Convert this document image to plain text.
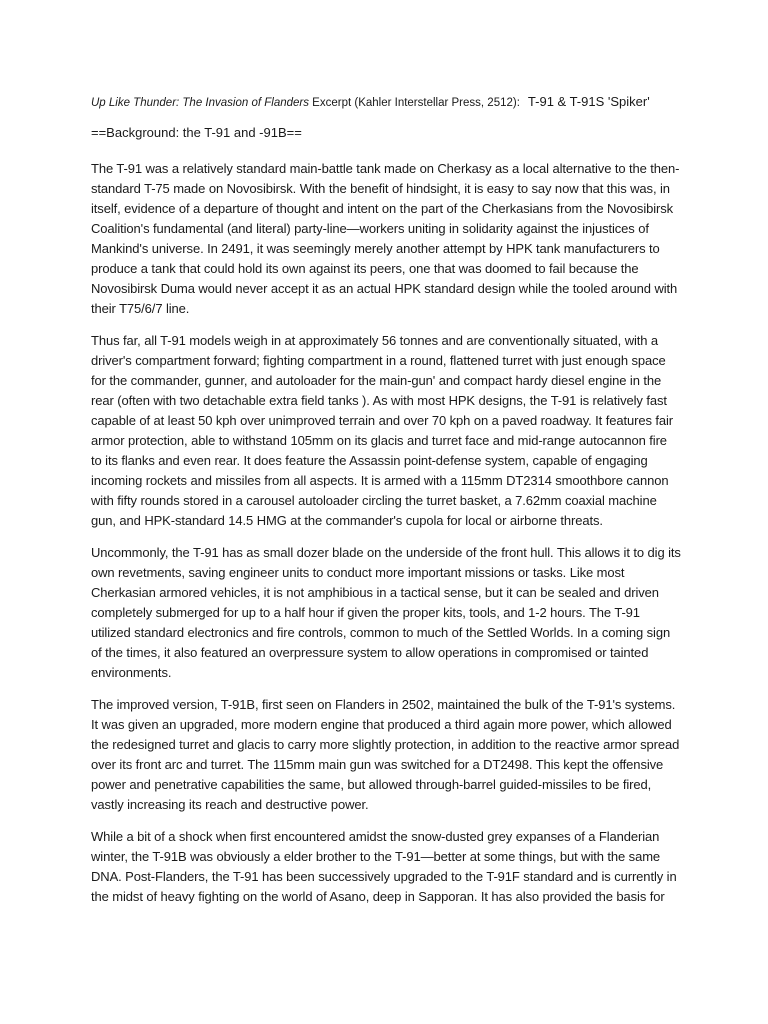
Up Like Thunder: The Invasion of Flanders Excerpt (Kahler Interstellar Press, 2512): T-91 & T-91S 'Spiker'
==Background: the T-91 and -91B==

The T-91 was a relatively standard main-battle tank made on Cherkasy as a local alternative to the then-standard T-75 made on Novosibirsk. With the benefit of hindsight, it is easy to say now that this was, in itself, evidence of a departure of thought and intent on the part of the Cherkasians from the Novosibirsk Coalition's fundamental (and literal) party-line—workers uniting in solidarity against the injustices of Mankind's universe. In 2491, it was seemingly merely another attempt by HPK tank manufacturers to produce a tank that could hold its own against its peers, one that was doomed to fail because the Novosibirsk Duma would never accept it as an actual HPK standard design while the tooled around with their T75/6/7 line.

Thus far, all T-91 models weigh in at approximately 56 tonnes and are conventionally situated, with a driver's compartment forward; fighting compartment in a round, flattened turret with just enough space for the commander, gunner, and autoloader for the main-gun' and compact hardy diesel engine in the rear (often with two detachable extra field tanks ). As with most HPK designs, the T-91 is relatively fast capable of at least 50 kph over unimproved terrain and over 70 kph on a paved roadway. It features fair armor protection, able to withstand 105mm on its glacis and turret face and mid-range autocannon fire to its flanks and even rear. It does feature the Assassin point-defense system, capable of engaging incoming rockets and missiles from all aspects. It is armed with a 115mm DT2314 smoothbore cannon with fifty rounds stored in a carousel autoloader circling the turret basket, a 7.62mm coaxial machine gun, and HPK-standard 14.5 HMG at the commander's cupola for local or airborne threats.

Uncommonly, the T-91 has as small dozer blade on the underside of the front hull. This allows it to dig its own revetments, saving engineer units to conduct more important missions or tasks. Like most Cherkasian armored vehicles, it is not amphibious in a tactical sense, but it can be sealed and driven completely submerged for up to a half hour if given the proper kits, tools, and 1-2 hours. The T-91 utilized standard electronics and fire controls, common to much of the Settled Worlds. In a coming sign of the times, it also featured an overpressure system to allow operations in compromised or tainted environments.

The improved version, T-91B, first seen on Flanders in 2502, maintained the bulk of the T-91's systems. It was given an upgraded, more modern engine that produced a third again more power, which allowed the redesigned turret and glacis to carry more slightly protection, in addition to the reactive armor spread over its front arc and turret. The 115mm main gun was switched for a DT2498. This kept the offensive power and penetrative capabilities the same, but allowed through-barrel guided-missiles to be fired, vastly increasing its reach and destructive power.

While a bit of a shock when first encountered amidst the snow-dusted grey expanses of a Flanderian winter, the T-91B was obviously a elder brother to the T-91—better at some things, but with the same DNA. Post-Flanders, the T-91 has been successively upgraded to the T-91F standard and is currently in the midst of heavy fighting on the world of Asano, deep in Sapporan. It has also provided the basis for
